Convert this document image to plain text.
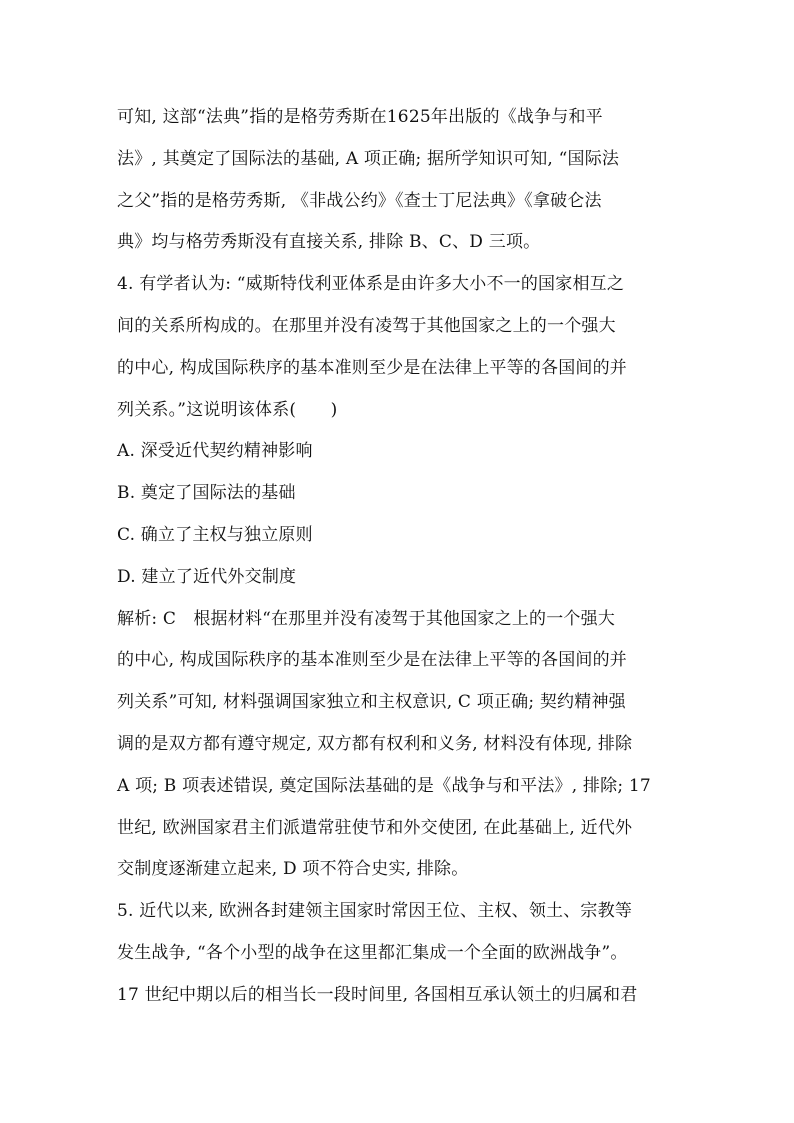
可知, 这部“法典”指的是格劳秀斯在1625年出版的《战争与和平
法》, 其奠定了国际法的基础, A 项正确; 据所学知识可知, “国际法
之父”指的是格劳秀斯, 《非战公约》《查士丁尼法典》《拿破仑法
典》均与格劳秀斯没有直接关系, 排除 B、C、D 三项。
4. 有学者认为: “威斯特伐利亚体系是由许多大小不一的国家相互之
间的关系所构成的。在那里并没有凌驾于其他国家之上的一个强大
的中心, 构成国际秩序的基本准则至少是在法律上平等的各国间的并
列关系。”这说明该体系(　　)
A. 深受近代契约精神影响
B. 奠定了国际法的基础
C. 确立了主权与独立原则
D. 建立了近代外交制度
解析: C　根据材料“在那里并没有凌驾于其他国家之上的一个强大
的中心, 构成国际秩序的基本准则至少是在法律上平等的各国间的并
列关系”可知, 材料强调国家独立和主权意识, C 项正确; 契约精神强
调的是双方都有遵守规定, 双方都有权利和义务, 材料没有体现, 排除
A 项; B 项表述错误, 奠定国际法基础的是《战争与和平法》, 排除; 17
世纪, 欧洲国家君主们派遣常驻使节和外交使团, 在此基础上, 近代外
交制度逐渐建立起来, D 项不符合史实, 排除。
5. 近代以来, 欧洲各封建领主国家时常因王位、主权、领土、宗教等
发生战争, “各个小型的战争在这里都汇集成一个全面的欧洲战争”。
17 世纪中期以后的相当长一段时间里, 各国相互承认领土的归属和君
